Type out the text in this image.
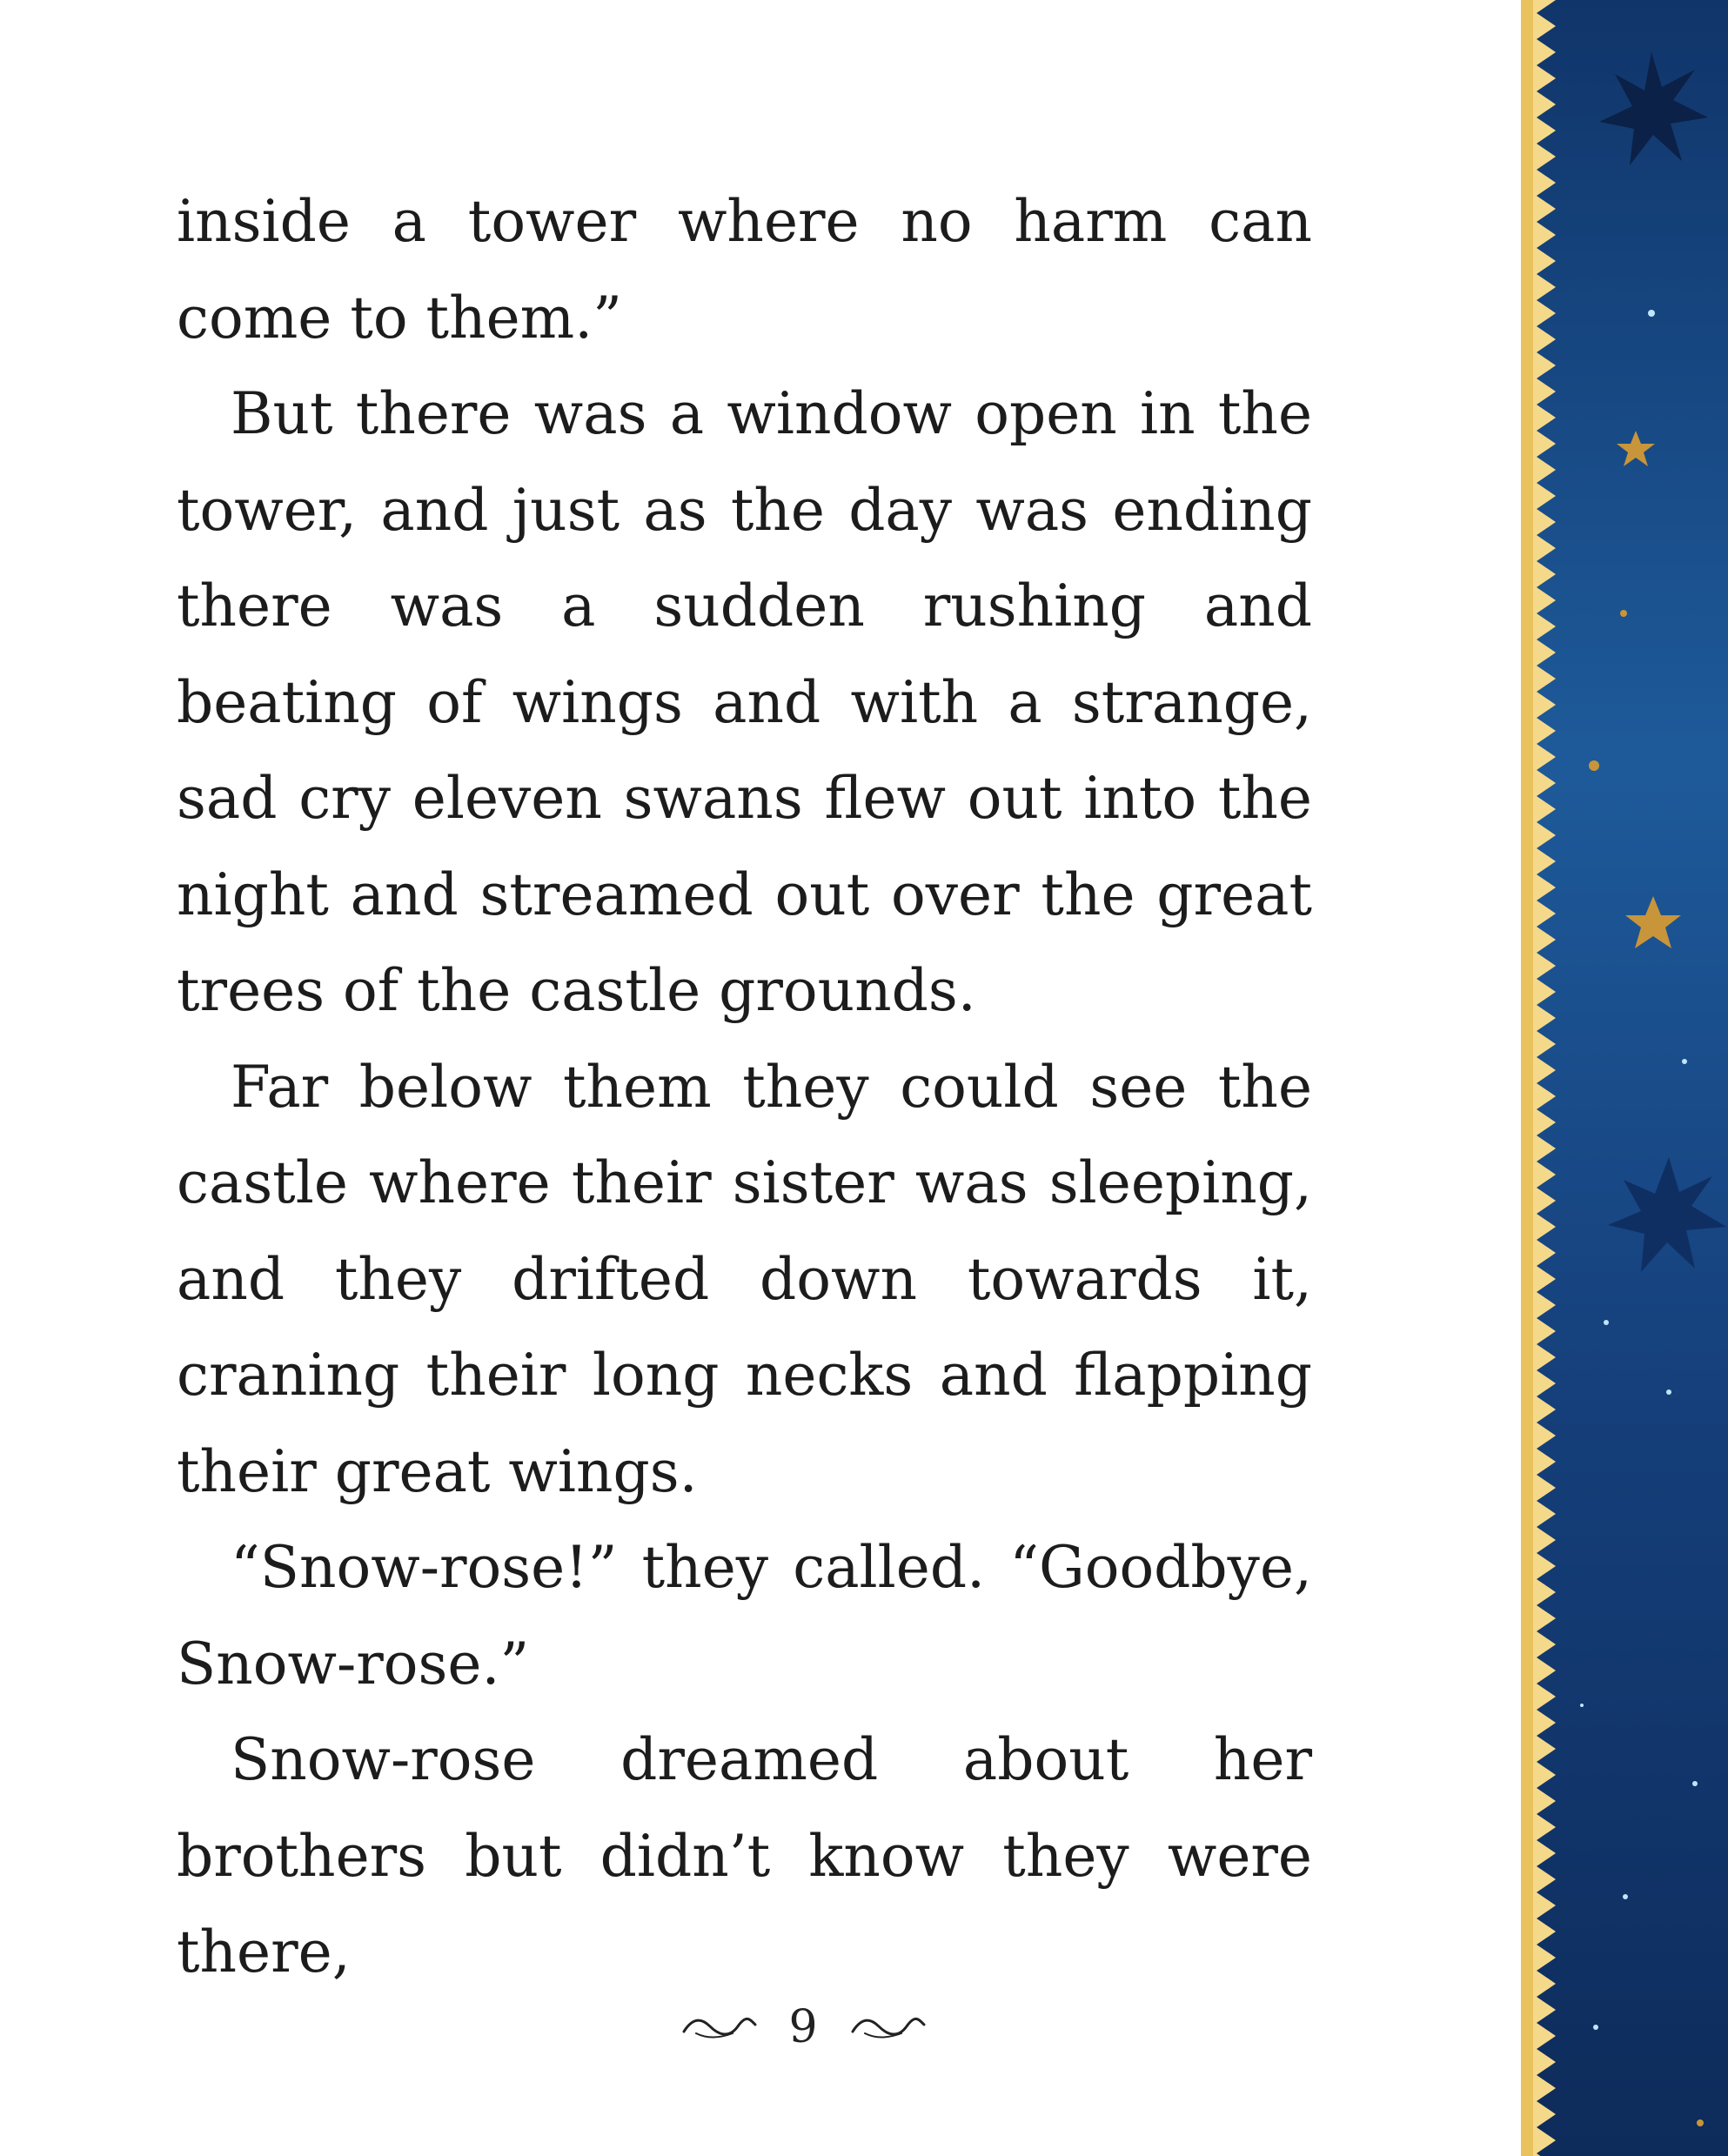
inside a tower where no harm can come to them.”

But there was a window open in the tower, and just as the day was ending there was a sudden rushing and beating of wings and with a strange, sad cry eleven swans flew out into the night and streamed out over the great trees of the castle grounds.

Far below them they could see the castle where their sister was sleeping, and they drifted down towards it, craning their long necks and flapping their great wings.

“Snow-rose!” they called. “Goodbye, Snow-rose.”

Snow-rose dreamed about her brothers but didn’t know they were there,

9
